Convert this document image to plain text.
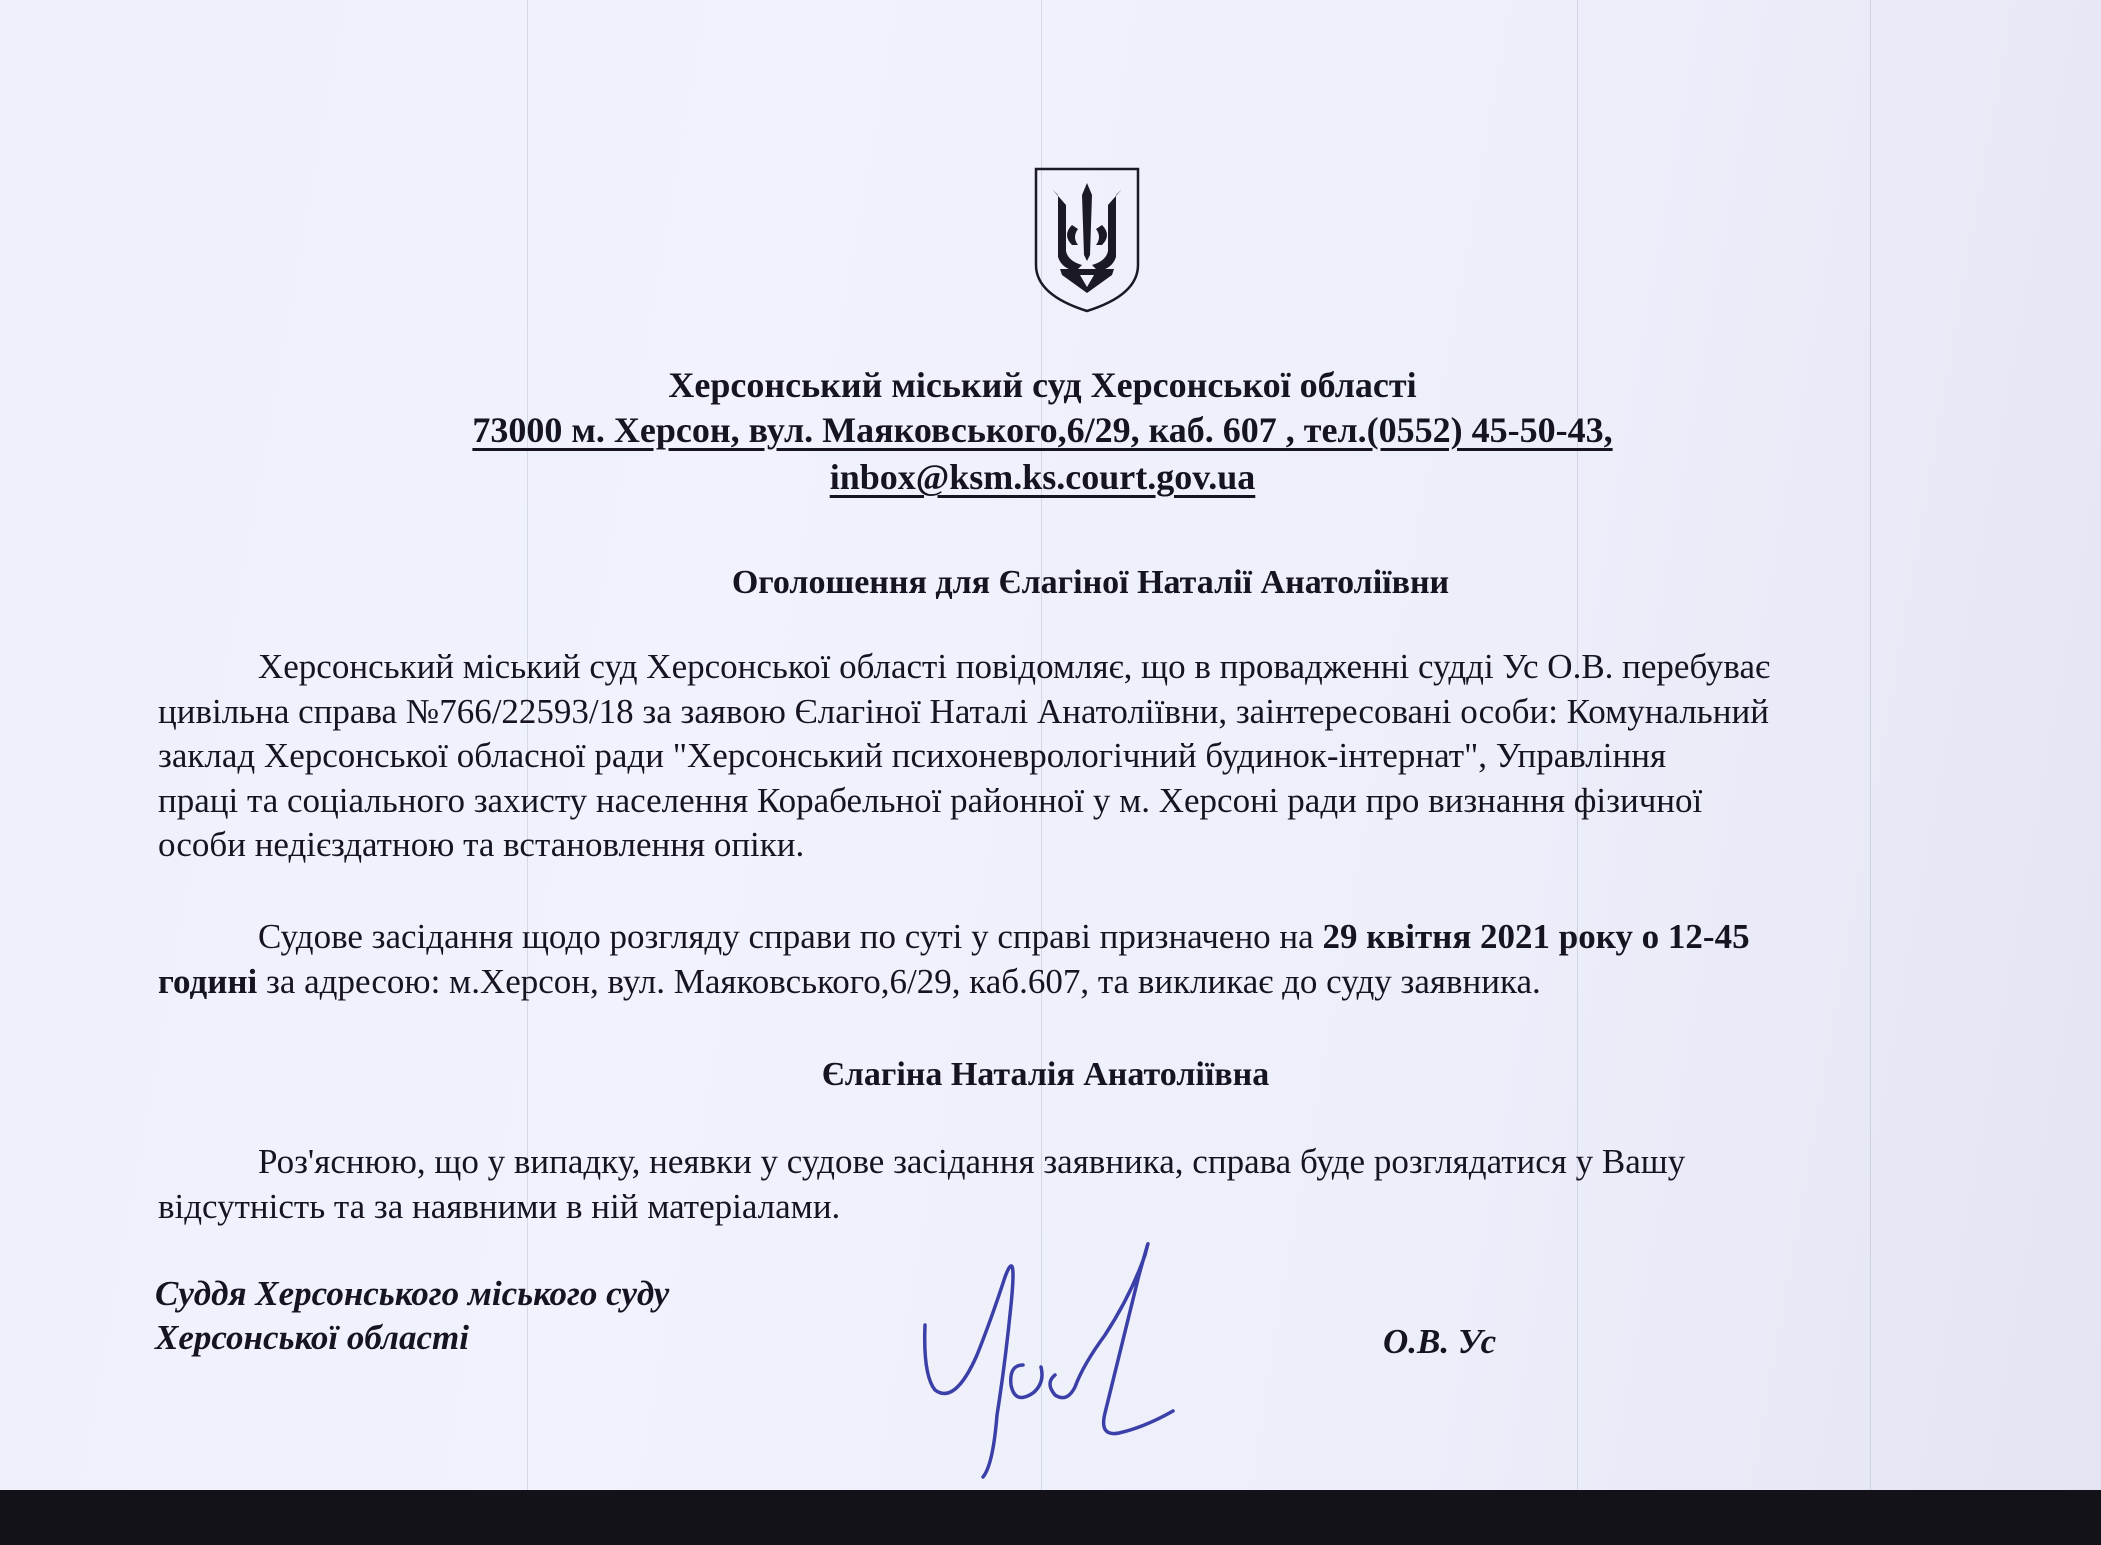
Херсонський міський суд Херсонської області
73000 м. Херсон, вул. Маяковського,6/29, каб. 607 , тел.(0552) 45-50-43,
inbox@ksm.ks.court.gov.ua
Оголошення для Єлагіної Наталії Анатоліївни
Херсонський міський суд Херсонської області повідомляє, що в провадженні судді Ус О.В. перебуває
цивільна справа №766/22593/18 за заявою Єлагіної Наталі Анатоліївни, заінтересовані особи: Комунальний
заклад Херсонської обласної ради "Херсонський психоневрологічний будинок-інтернат", Управління
праці та соціального захисту населення Корабельної районної у м. Херсоні ради про визнання фізичної
особи недієздатною та встановлення опіки.
Судове засідання щодо розгляду справи по суті у справі призначено на 29 квітня 2021 року о 12-45
годині за адресою: м.Херсон, вул. Маяковського,6/29, каб.607, та викликає до суду заявника.
Єлагіна Наталія Анатоліївна
Роз'яснюю, що у випадку, неявки у судове засідання заявника, справа буде розглядатися у Вашу
відсутність та за наявними в ній матеріалами.
Суддя Херсонського міського суду
Херсонської області	О.В. Ус
